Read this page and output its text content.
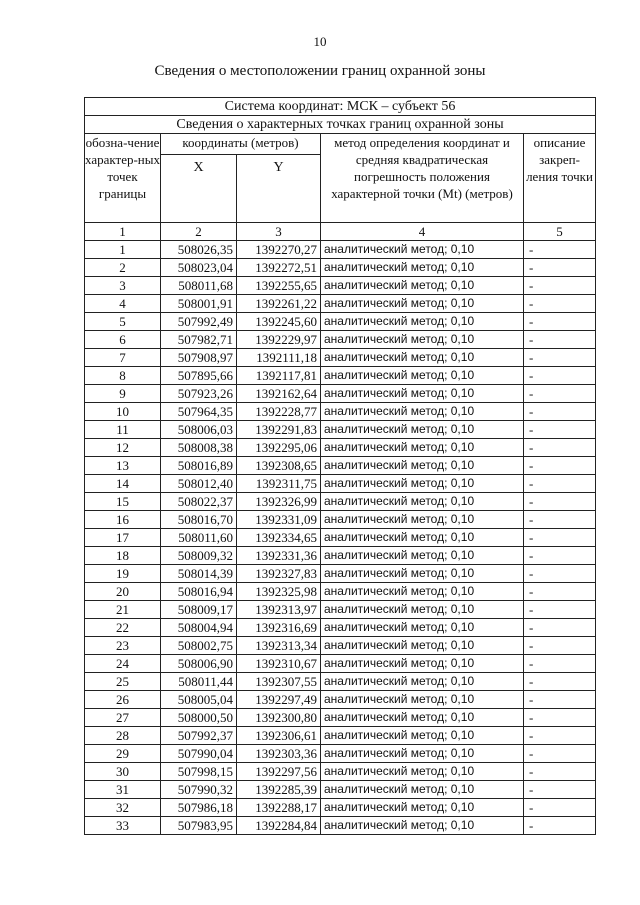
10
Сведения о местоположении границ охранной зоны
Система координат: МСК – субъект 56				
Сведения о характерных точках границ охранной зоны				
обозна-чение характер-ных точек границы	координаты (метров)		метод определения координат и средняя квадратическая погрешность положения характерной точки (Mt) (метров)	описание закреп-ления точки
	X	Y		
1	2	3	4	5
1	508026,35	1392270,27	аналитический метод; 0,10	-
2	508023,04	1392272,51	аналитический метод; 0,10	-
3	508011,68	1392255,65	аналитический метод; 0,10	-
4	508001,91	1392261,22	аналитический метод; 0,10	-
5	507992,49	1392245,60	аналитический метод; 0,10	-
6	507982,71	1392229,97	аналитический метод; 0,10	-
7	507908,97	1392111,18	аналитический метод; 0,10	-
8	507895,66	1392117,81	аналитический метод; 0,10	-
9	507923,26	1392162,64	аналитический метод; 0,10	-
10	507964,35	1392228,77	аналитический метод; 0,10	-
11	508006,03	1392291,83	аналитический метод; 0,10	-
12	508008,38	1392295,06	аналитический метод; 0,10	-
13	508016,89	1392308,65	аналитический метод; 0,10	-
14	508012,40	1392311,75	аналитический метод; 0,10	-
15	508022,37	1392326,99	аналитический метод; 0,10	-
16	508016,70	1392331,09	аналитический метод; 0,10	-
17	508011,60	1392334,65	аналитический метод; 0,10	-
18	508009,32	1392331,36	аналитический метод; 0,10	-
19	508014,39	1392327,83	аналитический метод; 0,10	-
20	508016,94	1392325,98	аналитический метод; 0,10	-
21	508009,17	1392313,97	аналитический метод; 0,10	-
22	508004,94	1392316,69	аналитический метод; 0,10	-
23	508002,75	1392313,34	аналитический метод; 0,10	-
24	508006,90	1392310,67	аналитический метод; 0,10	-
25	508011,44	1392307,55	аналитический метод; 0,10	-
26	508005,04	1392297,49	аналитический метод; 0,10	-
27	508000,50	1392300,80	аналитический метод; 0,10	-
28	507992,37	1392306,61	аналитический метод; 0,10	-
29	507990,04	1392303,36	аналитический метод; 0,10	-
30	507998,15	1392297,56	аналитический метод; 0,10	-
31	507990,32	1392285,39	аналитический метод; 0,10	-
32	507986,18	1392288,17	аналитический метод; 0,10	-
33	507983,95	1392284,84	аналитический метод; 0,10	-
